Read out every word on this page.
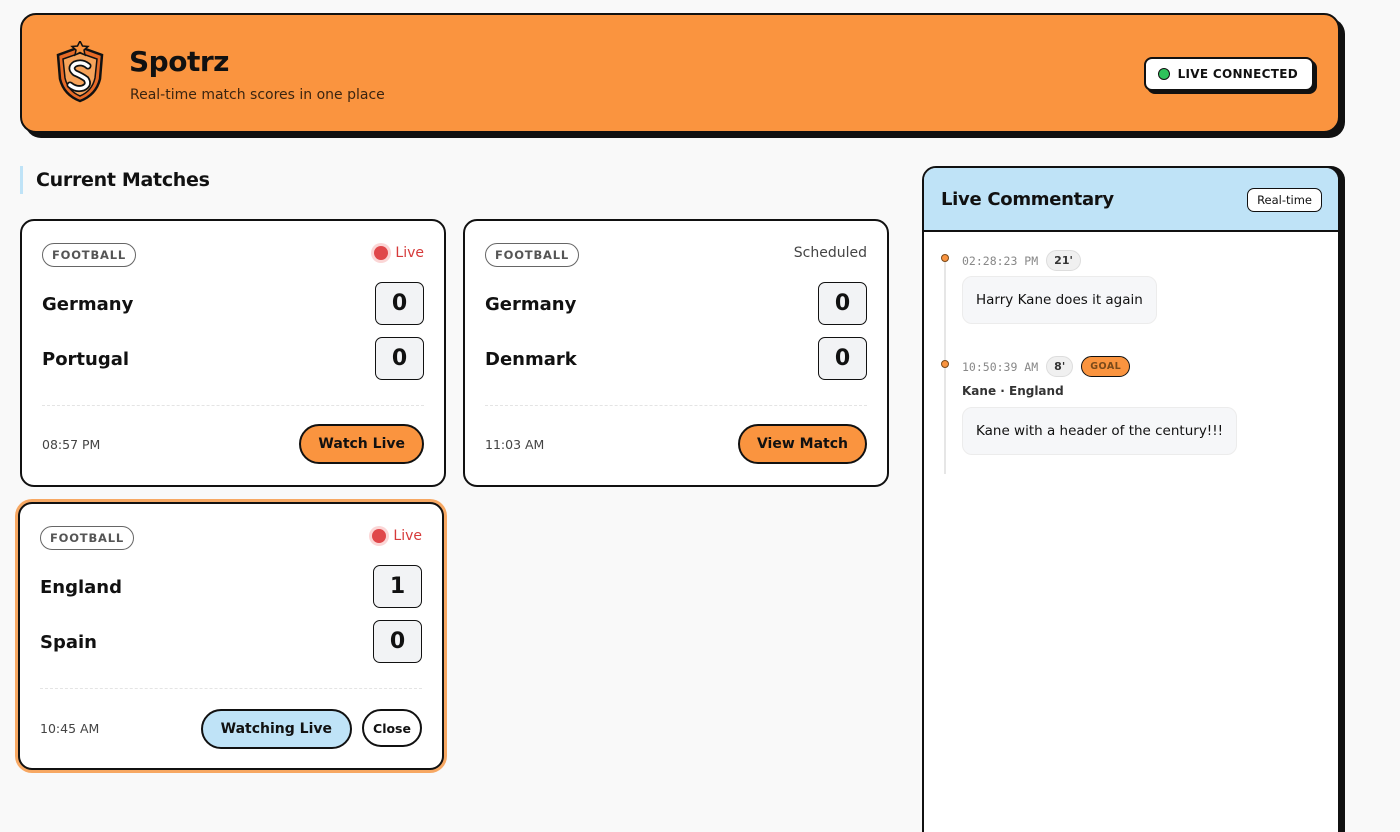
Spotrz
Real-time match scores in one place
LIVE CONNECTED
Current Matches
FOOTBALL	Live
Germany	0
Portugal	0
08:57 PM	Watch Live
FOOTBALL	Scheduled
Germany	0
Denmark	0
11:03 AM	View Match
FOOTBALL	Live
England	1
Spain	0
10:45 AM	Watching Live	Close
Live Commentary	Real-time
02:28:23 PM	21'
Harry Kane does it again
10:50:39 AM	8'	GOAL
Kane · England
Kane with a header of the century!!!
